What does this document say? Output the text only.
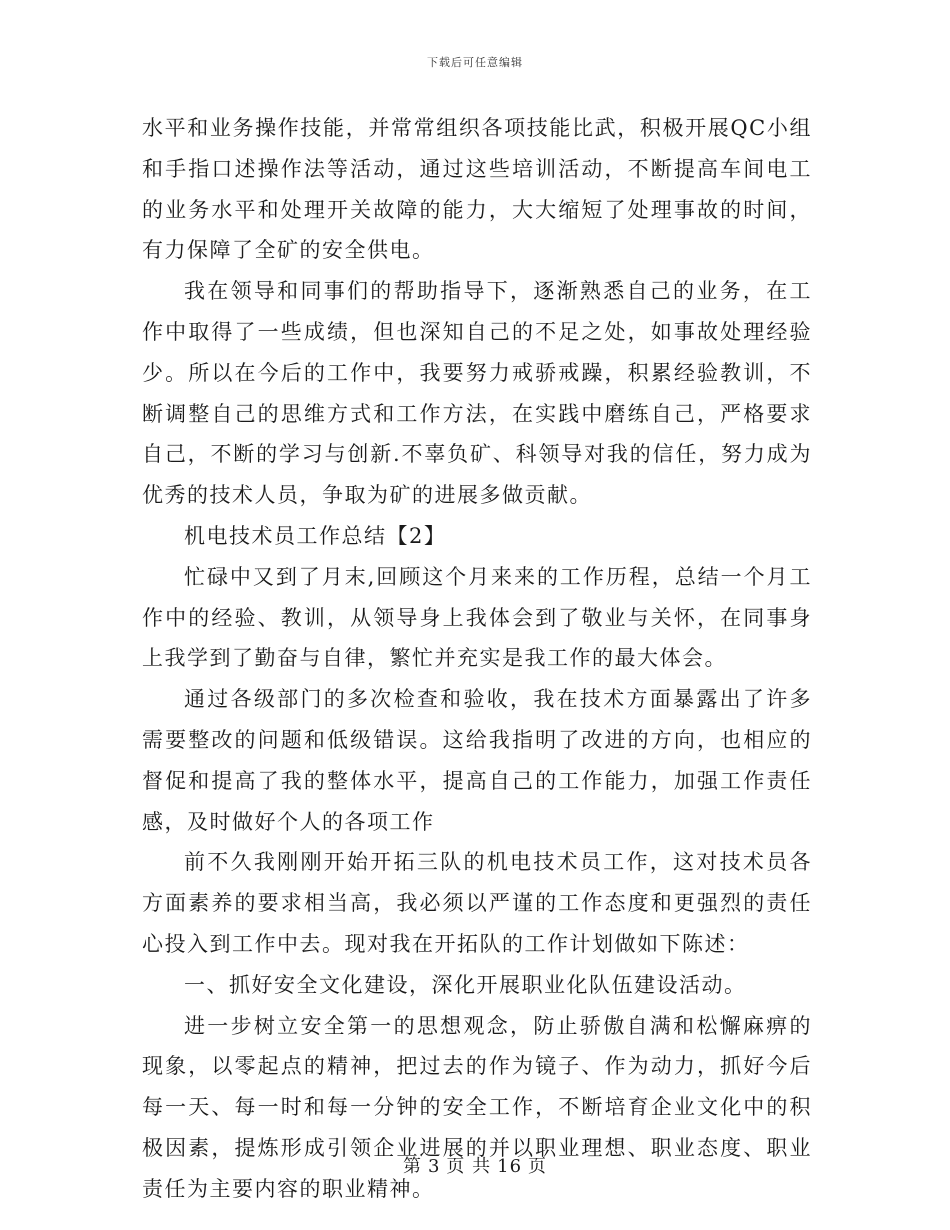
下载后可任意编辑

水平和业务操作技能，并常常组织各项技能比武，积极开展QC小组和手指口述操作法等活动，通过这些培训活动，不断提高车间电工的业务水平和处理开关故障的能力，大大缩短了处理事故的时间，有力保障了全矿的安全供电。

我在领导和同事们的帮助指导下，逐渐熟悉自己的业务，在工作中取得了一些成绩，但也深知自己的不足之处，如事故处理经验少。所以在今后的工作中，我要努力戒骄戒躁，积累经验教训，不断调整自己的思维方式和工作方法，在实践中磨练自己，严格要求自己，不断的学习与创新.不辜负矿、科领导对我的信任，努力成为优秀的技术人员，争取为矿的进展多做贡献。

机电技术员工作总结【2】

忙碌中又到了月末,回顾这个月来来的工作历程，总结一个月工作中的经验、教训，从领导身上我体会到了敬业与关怀，在同事身上我学到了勤奋与自律，繁忙并充实是我工作的最大体会。

通过各级部门的多次检查和验收，我在技术方面暴露出了许多需要整改的问题和低级错误。这给我指明了改进的方向，也相应的督促和提高了我的整体水平，提高自己的工作能力，加强工作责任感，及时做好个人的各项工作

前不久我刚刚开始开拓三队的机电技术员工作，这对技术员各方面素养的要求相当高，我必须以严谨的工作态度和更强烈的责任心投入到工作中去。现对我在开拓队的工作计划做如下陈述：

一、抓好安全文化建设，深化开展职业化队伍建设活动。

进一步树立安全第一的思想观念，防止骄傲自满和松懈麻痹的现象，以零起点的精神，把过去的作为镜子、作为动力，抓好今后每一天、每一时和每一分钟的安全工作，不断培育企业文化中的积极因素，提炼形成引领企业进展的并以职业理想、职业态度、职业责任为主要内容的职业精神。

第 3 页 共 16 页
